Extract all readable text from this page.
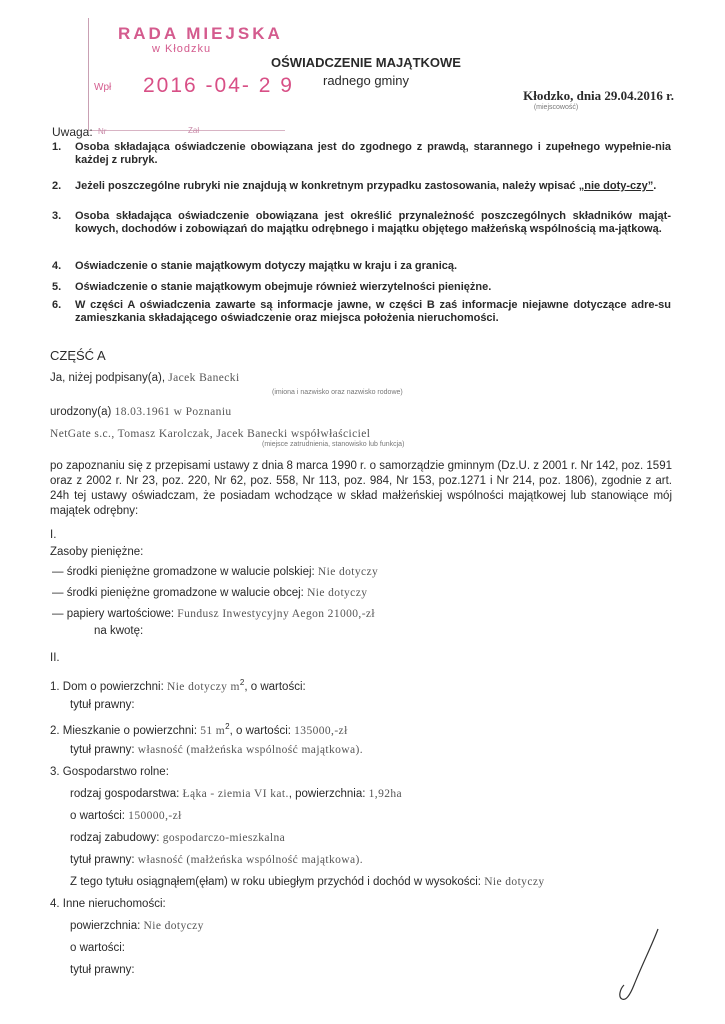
RADA MIEJSKA
w Kłodzku
Wpł 2016 -04- 2 9
Nr	Zał
OŚWIADCZENIE MAJĄTKOWE
radnego gminy
Kłodzko, dnia 29.04.2016 r.
(miejscowość)
Uwaga:
1.	Osoba składająca oświadczenie obowiązana jest do zgodnego z prawdą, starannego i zupełnego wypełnie-nia każdej z rubryk.
2.	Jeżeli poszczególne rubryki nie znajdują w konkretnym przypadku zastosowania, należy wpisać „nie doty-czy”.
3.	Osoba składająca oświadczenie obowiązana jest określić przynależność poszczególnych składników mająt-kowych, dochodów i zobowiązań do majątku odrębnego i majątku objętego małżeńską wspólnością ma-jątkową.
4.	Oświadczenie o stanie majątkowym dotyczy majątku w kraju i za granicą.
5.	Oświadczenie o stanie majątkowym obejmuje również wierzytelności pieniężne.
6.	W części A oświadczenia zawarte są informacje jawne, w części B zaś informacje niejawne dotyczące adre-su zamieszkania składającego oświadczenie oraz miejsca położenia nieruchomości.
CZĘŚĆ A
Ja, niżej podpisany(a), Jacek Banecki
(imiona i nazwisko oraz nazwisko rodowe)
urodzony(a) 18.03.1961 w Poznaniu
NetGate s.c., Tomasz Karolczak, Jacek Banecki współwłaściciel
(miejsce zatrudnienia, stanowisko lub funkcja)
po zapoznaniu się z przepisami ustawy z dnia 8 marca 1990 r. o samorządzie gminnym (Dz.U. z 2001 r. Nr 142, poz. 1591 oraz z 2002 r. Nr 23, poz. 220, Nr 62, poz. 558, Nr 113, poz. 984, Nr 153, poz.1271 i Nr 214, poz. 1806), zgodnie z art. 24h tej ustawy oświadczam, że posiadam wchodzące w skład małżeńskiej wspólności majątkowej lub stanowiące mój majątek odrębny:
I.
Zasoby pieniężne:
— środki pieniężne gromadzone w walucie polskiej: Nie dotyczy
— środki pieniężne gromadzone w walucie obcej: Nie dotyczy
— papiery wartościowe: Fundusz Inwestycyjny Aegon 21000,-zł
na kwotę:
II.
1. Dom o powierzchni: Nie dotyczy $m^2$, o wartości:
tytuł prawny:
2. Mieszkanie o powierzchni: 51 $m^2$, o wartości: 135000,-zł
tytuł prawny: własność (małżeńska wspólność majątkowa).
3. Gospodarstwo rolne:
rodzaj gospodarstwa: Łąka - ziemia VI kat., powierzchnia: 1,92ha
o wartości: 150000,-zł
rodzaj zabudowy: gospodarczo-mieszkalna
tytuł prawny: własność (małżeńska wspólność majątkowa).
Z tego tytułu osiągnąłem(ęłam) w roku ubiegłym przychód i dochód w wysokości: Nie dotyczy
4. Inne nieruchomości:
powierzchnia: Nie dotyczy
o wartości:
tytuł prawny:
